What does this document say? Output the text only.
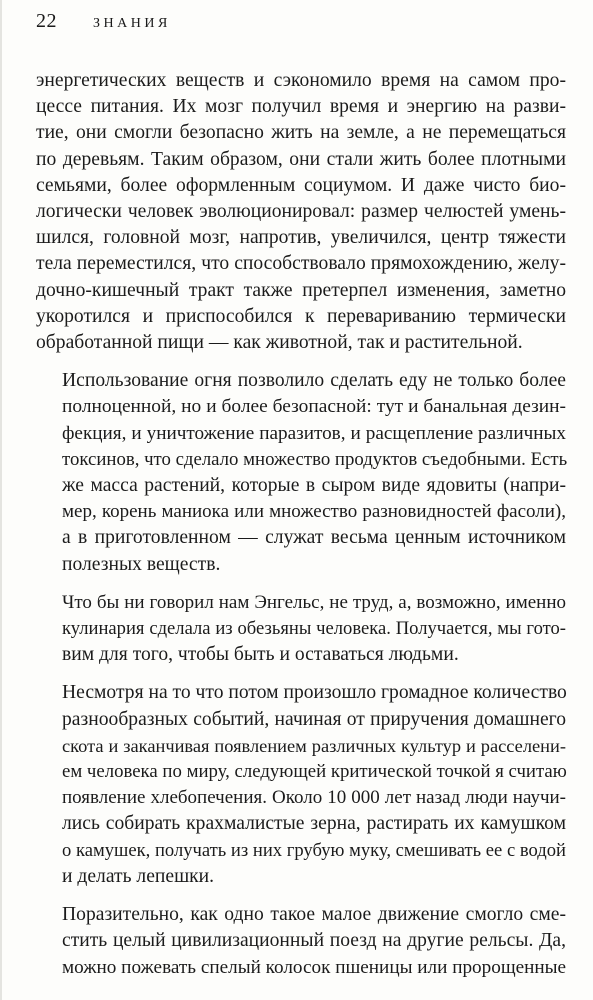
22	ЗНАНИЯ

энергетических веществ и сэкономило время на самом про-
цессе питания. Их мозг получил время и энергию на разви-
тие, они смогли безопасно жить на земле, а не перемещаться
по деревьям. Таким образом, они стали жить более плотными
семьями, более оформленным социумом. И даже чисто био-
логически человек эволюционировал: размер челюстей умень-
шился, головной мозг, напротив, увеличился, центр тяжести
тела переместился, что способствовало прямохождению, желу-
дочно-кишечный тракт также претерпел изменения, заметно
укоротился и приспособился к перевариванию термически
обработанной пищи — как животной, так и растительной.

Использование огня позволило сделать еду не только более
полноценной, но и более безопасной: тут и банальная дезин-
фекция, и уничтожение паразитов, и расщепление различных
токсинов, что сделало множество продуктов съедобными. Есть
же масса растений, которые в сыром виде ядовиты (напри-
мер, корень маниока или множество разновидностей фасоли),
а в приготовленном — служат весьма ценным источником
полезных веществ.

Что бы ни говорил нам Энгельс, не труд, а, возможно, именно
кулинария сделала из обезьяны человека. Получается, мы гото-
вим для того, чтобы быть и оставаться людьми.

Несмотря на то что потом произошло громадное количество
разнообразных событий, начиная от приручения домашнего
скота и заканчивая появлением различных культур и расселени-
ем человека по миру, следующей критической точкой я считаю
появление хлебопечения. Около 10 000 лет назад люди научи-
лись собирать крахмалистые зерна, растирать их камушком
о камушек, получать из них грубую муку, смешивать ее с водой
и делать лепешки.

Поразительно, как одно такое малое движение смогло сме-
стить целый цивилизационный поезд на другие рельсы. Да,
можно пожевать спелый колосок пшеницы или пророщенные
